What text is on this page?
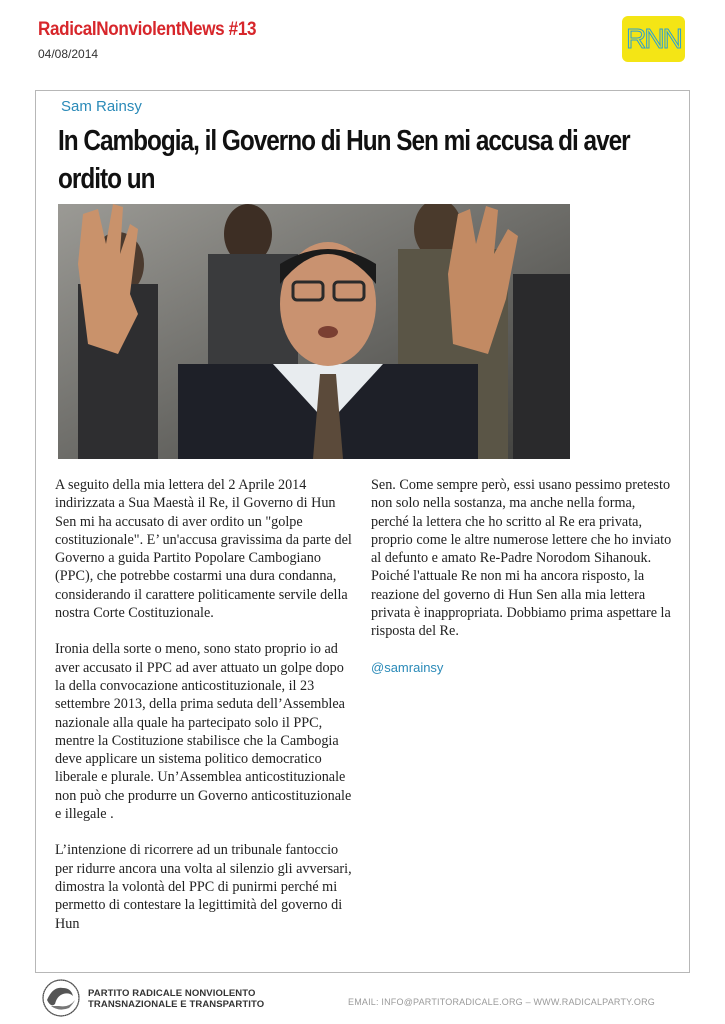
RadicalNonviolentNews #13
04/08/2014	RNN
Sam Rainsy
In Cambogia, il Governo di Hun Sen mi accusa di aver ordito un

A seguito della mia lettera del 2 Aprile 2014 indirizzata a Sua Maestà il Re, il Governo di Hun Sen mi ha accusato di aver ordito un "golpe costituzionale". E’ un'accusa gravissima da parte del Governo a guida Partito Popolare Cambogiano (PPC), che potrebbe costarmi una dura condanna, considerando il carattere politicamente servile della nostra Corte Costituzionale.

Ironia della sorte o meno, sono stato proprio io ad aver accusato il PPC ad aver attuato un golpe dopo la della convocazione anticostituzionale, il 23 settembre 2013, della prima seduta dell’Assemblea nazionale alla quale ha partecipato solo il PPC, mentre la Costituzione stabilisce che la Cambogia deve applicare un sistema politico democratico liberale e plurale. Un’Assemblea anticostituzionale non può che produrre un Governo anticostituzionale e illegale .

L’intenzione di ricorrere ad un tribunale fantoccio per ridurre ancora una volta al silenzio gli avversari, dimostra la volontà del PPC di punirmi perché mi permetto di contestare la legittimità del governo di Hun

Sen. Come sempre però, essi usano pessimo pretesto non solo nella sostanza, ma anche nella forma, perché la lettera che ho scritto al Re era privata, proprio come le altre numerose lettere che ho inviato al defunto e amato Re-Padre Norodom Sihanouk. Poiché l'attuale Re non mi ha ancora risposto, la reazione del governo di Hun Sen alla mia lettera privata è inappropriata. Dobbiamo prima aspettare la risposta del Re.

@samrainsy
PARTITO RADICALE NONVIOLENTO
TRANSNAZIONALE E TRANSPARTITO	EMAIL: INFO@PARTITORADICALE.ORG – WWW.RADICALPARTY.ORG
